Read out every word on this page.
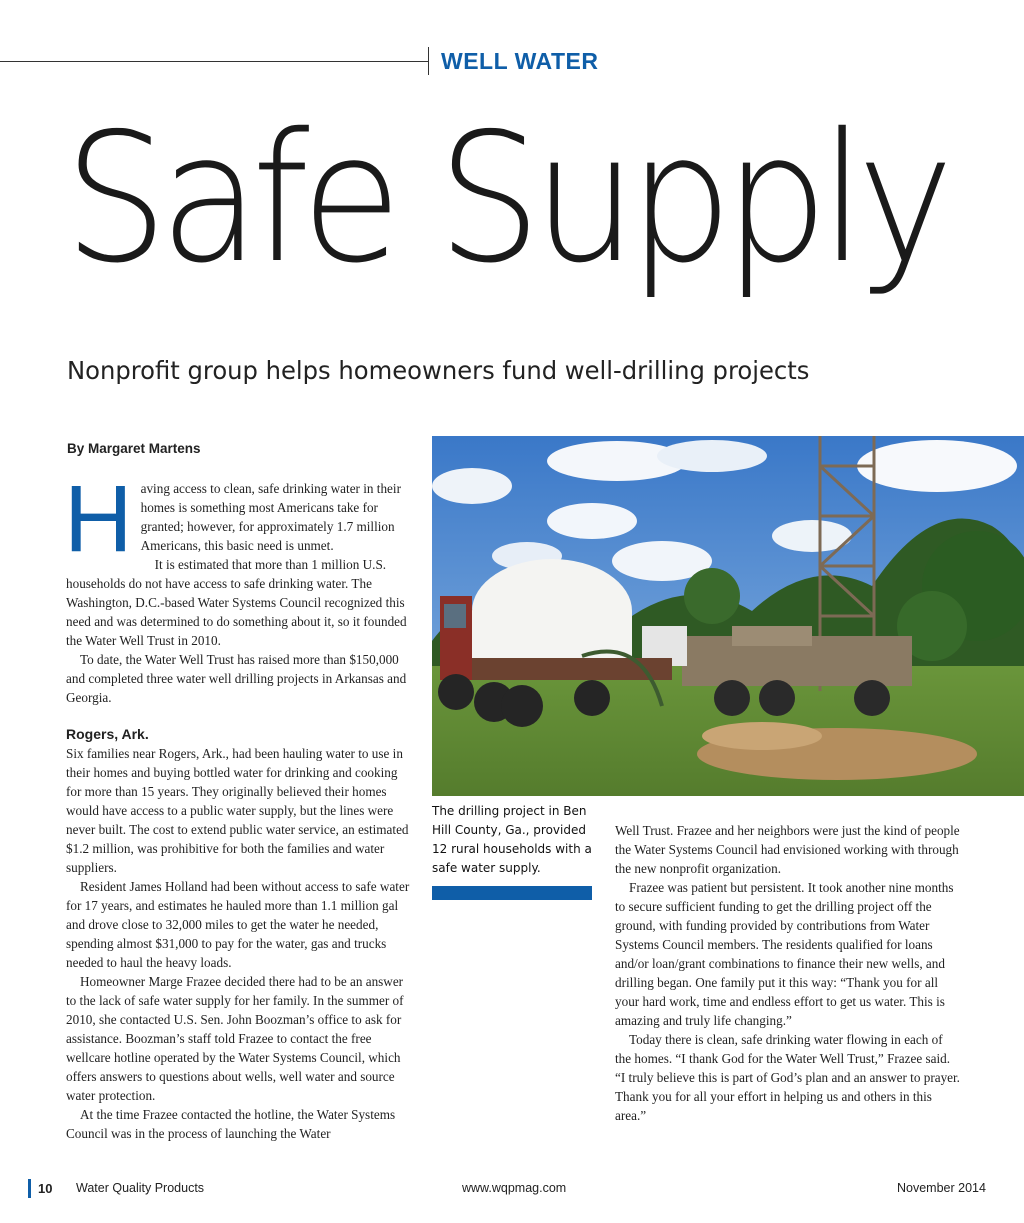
WELL WATER
Safe Supply
Nonprofit group helps homeowners fund well-drilling projects
By Margaret Martens

Having access to clean, safe drinking water in their homes is something most Americans take for granted; however, for approximately 1.7 million Americans, this basic need is unmet.

It is estimated that more than 1 million U.S. households do not have access to safe drinking water. The Washington, D.C.-based Water Systems Council recognized this need and was determined to do something about it, so it founded the Water Well Trust in 2010.

To date, the Water Well Trust has raised more than $150,000 and completed three water well drilling projects in Arkansas and Georgia.

Rogers, Ark.

Six families near Rogers, Ark., had been hauling water to use in their homes and buying bottled water for drinking and cooking for more than 15 years. They originally believed their homes would have access to a public water supply, but the lines were never built. The cost to extend public water service, an estimated $1.2 million, was prohibitive for both the families and water suppliers.

Resident James Holland had been without access to safe water for 17 years, and estimates he hauled more than 1.1 million gal and drove close to 32,000 miles to get the water he needed, spending almost $31,000 to pay for the water, gas and trucks needed to haul the heavy loads.

Homeowner Marge Frazee decided there had to be an answer to the lack of safe water supply for her family. In the summer of 2010, she contacted U.S. Sen. John Boozman’s office to ask for assistance. Boozman’s staff told Frazee to contact the free wellcare hotline operated by the Water Systems Council, which offers answers to questions about wells, well water and source water protection.

At the time Frazee contacted the hotline, the Water Systems Council was in the process of launching the Water

The drilling project in Ben Hill County, Ga., provided 12 rural households with a safe water supply.

Well Trust. Frazee and her neighbors were just the kind of people the Water Systems Council had envisioned working with through the new nonprofit organization.

Frazee was patient but persistent. It took another nine months to secure sufficient funding to get the drilling project off the ground, with funding provided by contributions from Water Systems Council members. The residents qualified for loans and/or loan/grant combinations to finance their new wells, and drilling began. One family put it this way: “Thank you for all your hard work, time and endless effort to get us water. This is amazing and truly life changing.”

Today there is clean, safe drinking water flowing in each of the homes. “I thank God for the Water Well Trust,” Frazee said. “I truly believe this is part of God’s plan and an answer to prayer. Thank you for all your effort in helping us and others in this area.”

10 Water Quality Products	www.wqpmag.com	November 2014
